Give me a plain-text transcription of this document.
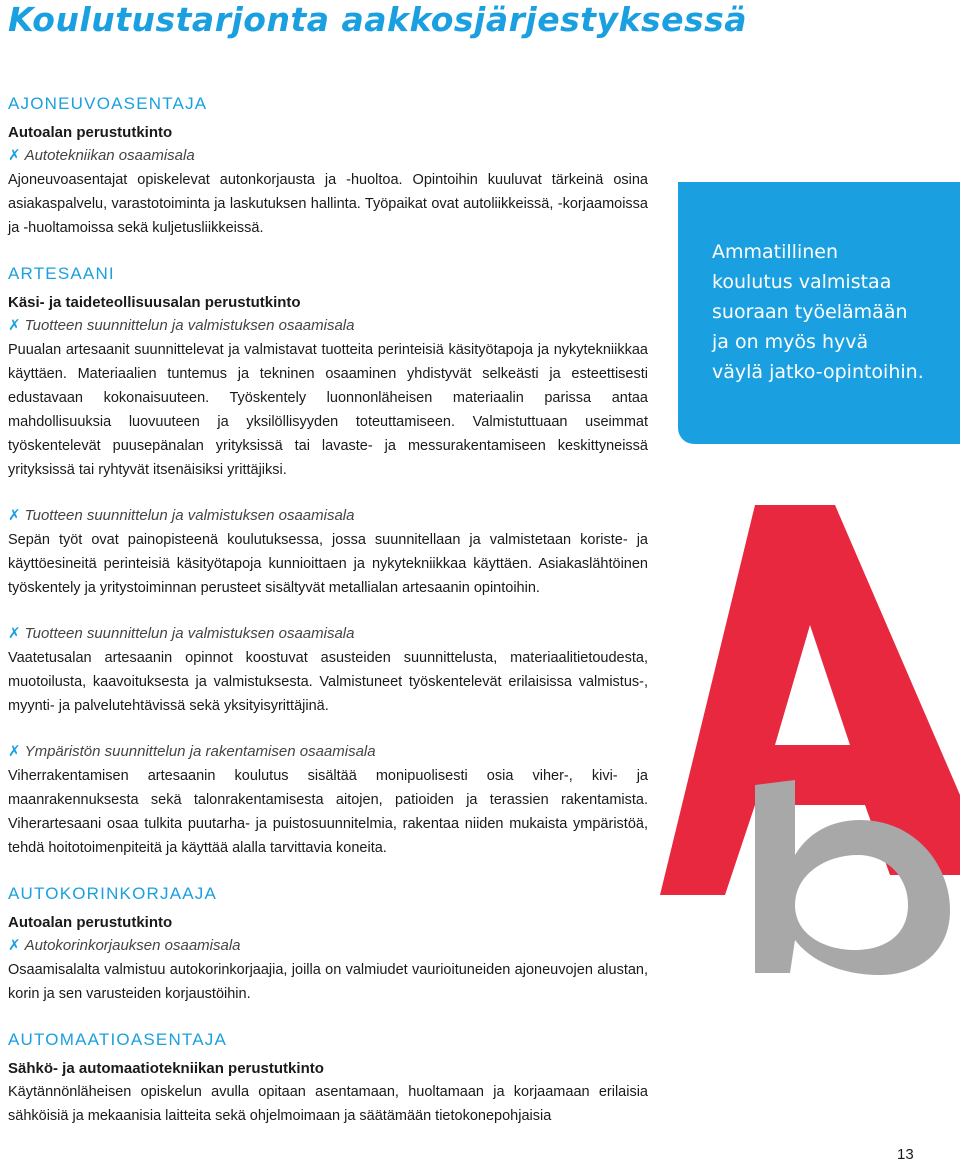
Koulutustarjonta aakkosjärjestyksessä
AJONEUVOASENTAJA

Autoalan perustutkinto

✗ Autotekniikan osaamisala

Ajoneuvoasentajat opiskelevat autonkorjausta ja -huoltoa. Opintoihin kuuluvat tärkeinä osina asiakaspalvelu, varastotoiminta ja laskutuksen hallinta. Työpaikat ovat autoliikkeissä, -korjaamoissa ja -huoltamoissa sekä kuljetusliikkeissä.

ARTESAANI

Käsi- ja taideteollisuusalan perustutkinto

✗ Tuotteen suunnittelun ja valmistuksen osaamisala

Puualan artesaanit suunnittelevat ja valmistavat tuotteita perinteisiä käsityötapoja ja nykytekniikkaa käyttäen. Materiaalien tuntemus ja tekninen osaaminen yhdistyvät selkeästi ja esteettisesti edustavaan kokonaisuuteen. Työskentely luonnonläheisen materiaalin parissa antaa mahdollisuuksia luovuuteen ja yksilöllisyyden toteuttamiseen. Valmistuttuaan useimmat työskentelevät puusepänalan yrityksissä tai lavaste- ja messurakentamiseen keskittyneissä yrityksissä tai ryhtyvät itsenäisiksi yrittäjiksi.

✗ Tuotteen suunnittelun ja valmistuksen osaamisala

Sepän työt ovat painopisteenä koulutuksessa, jossa suunnitellaan ja valmistetaan koriste- ja käyttöesineitä perinteisiä käsityötapoja kunnioittaen ja nykytekniikkaa käyttäen. Asiakaslähtöinen työskentely ja yritystoiminnan perusteet sisältyvät metallialan artesaanin opintoihin.

✗ Tuotteen suunnittelun ja valmistuksen osaamisala

Vaatetusalan artesaanin opinnot koostuvat asusteiden suunnittelusta, materiaalitietoudesta, muotoilusta, kaavoituksesta ja valmistuksesta. Valmistuneet työskentelevät erilaisissa valmistus-, myynti- ja palvelutehtävissä sekä yksityisyrittäjinä.

✗ Ympäristön suunnittelun ja rakentamisen osaamisala

Viherrakentamisen artesaanin koulutus sisältää monipuolisesti osia viher-, kivi- ja maanrakennuksesta sekä talonrakentamisesta aitojen, patioiden ja terassien rakentamista. Viherartesaani osaa tulkita puutarha- ja puistosuunnitelmia, rakentaa niiden mukaista ympäristöä, tehdä hoitotoimenpiteitä ja käyttää alalla tarvittavia koneita.

AUTOKORINKORJAAJA

Autoalan perustutkinto

✗ Autokorinkorjauksen osaamisala

Osaamisalalta valmistuu autokorinkorjaajia, joilla on valmiudet vaurioituneiden ajoneuvojen alustan, korin ja sen varusteiden korjaustöihin.

AUTOMAATIOASENTAJA

Sähkö- ja automaatiotekniikan perustutkinto

Käytännönläheisen opiskelun avulla opitaan asentamaan, huoltamaan ja korjaamaan erilaisia sähköisiä ja mekaanisia laitteita sekä ohjelmoimaan ja säätämään tietokonepohjaisia

Ammatillinen
koulutus valmistaa
suoraan työelämään
ja on myös hyvä
väylä jatko-opintoihin.

13
